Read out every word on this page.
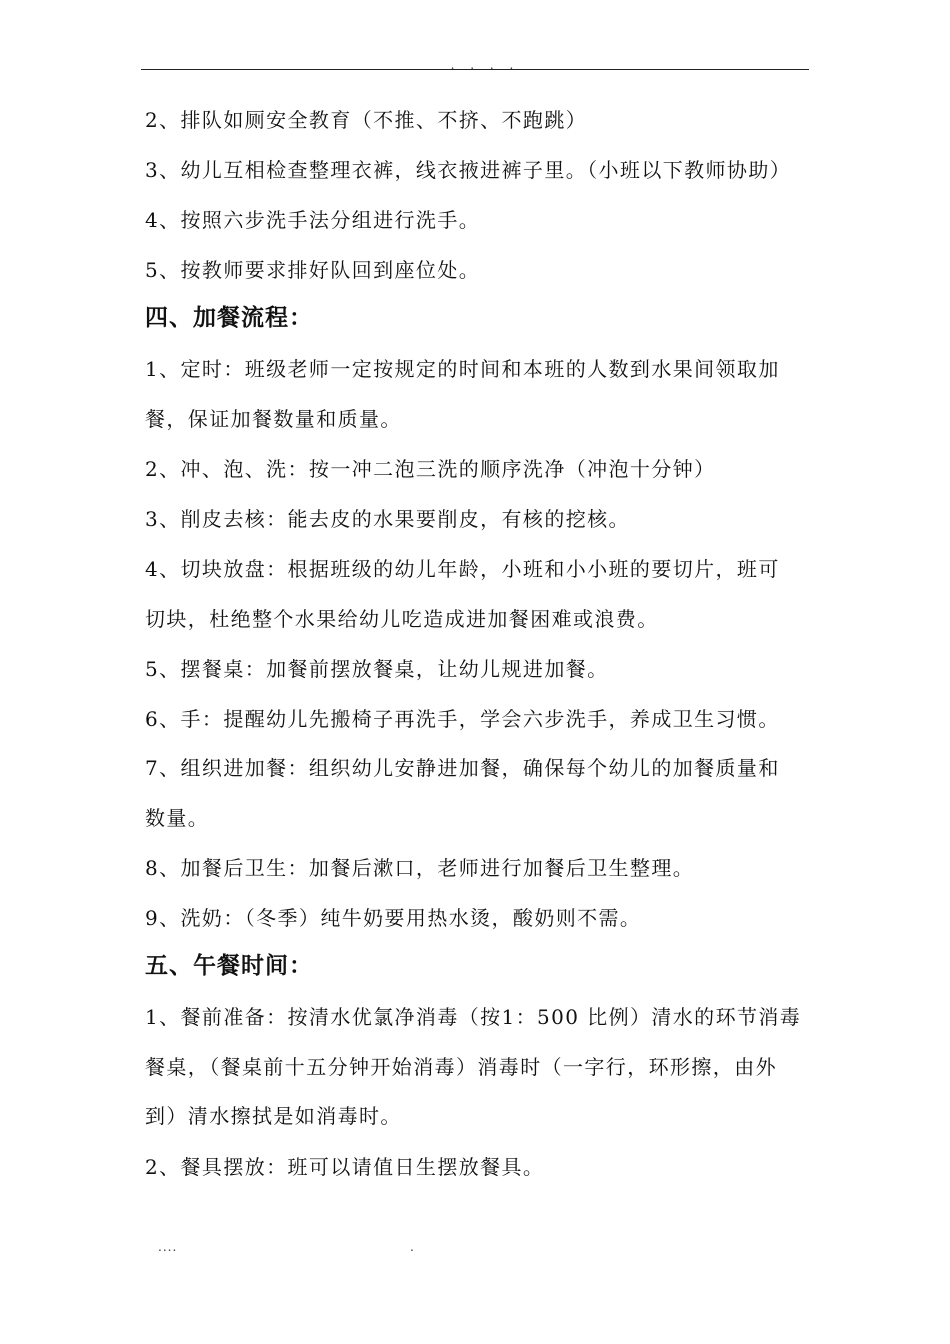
. . . .
2、排队如厕安全教育（不推、不挤、不跑跳）
3、幼儿互相检查整理衣裤，线衣掖进裤子里。（小班以下教师协助）
4、按照六步洗手法分组进行洗手。
5、按教师要求排好队回到座位处。
四、加餐流程：
1、定时：班级老师一定按规定的时间和本班的人数到水果间领取加
餐，保证加餐数量和质量。
2、冲、泡、洗：按一冲二泡三洗的顺序洗净（冲泡十分钟）
3、削皮去核：能去皮的水果要削皮，有核的挖核。
4、切块放盘：根据班级的幼儿年龄，小班和小小班的要切片，班可
切块，杜绝整个水果给幼儿吃造成进加餐困难或浪费。
5、摆餐桌：加餐前摆放餐桌，让幼儿规进加餐。
6、手：提醒幼儿先搬椅子再洗手，学会六步洗手，养成卫生习惯。
7、组织进加餐：组织幼儿安静进加餐，确保每个幼儿的加餐质量和
数量。
8、加餐后卫生：加餐后漱口，老师进行加餐后卫生整理。
9、洗奶：（冬季）纯牛奶要用热水烫，酸奶则不需。
五、午餐时间：
1、餐前准备：按清水优氯净消毒（按1：500 比例）清水的环节消毒
餐桌，（餐桌前十五分钟开始消毒）消毒时（一字行，环形擦，由外
到）清水擦拭是如消毒时。
2、餐具摆放：班可以请值日生摆放餐具。
....	.
